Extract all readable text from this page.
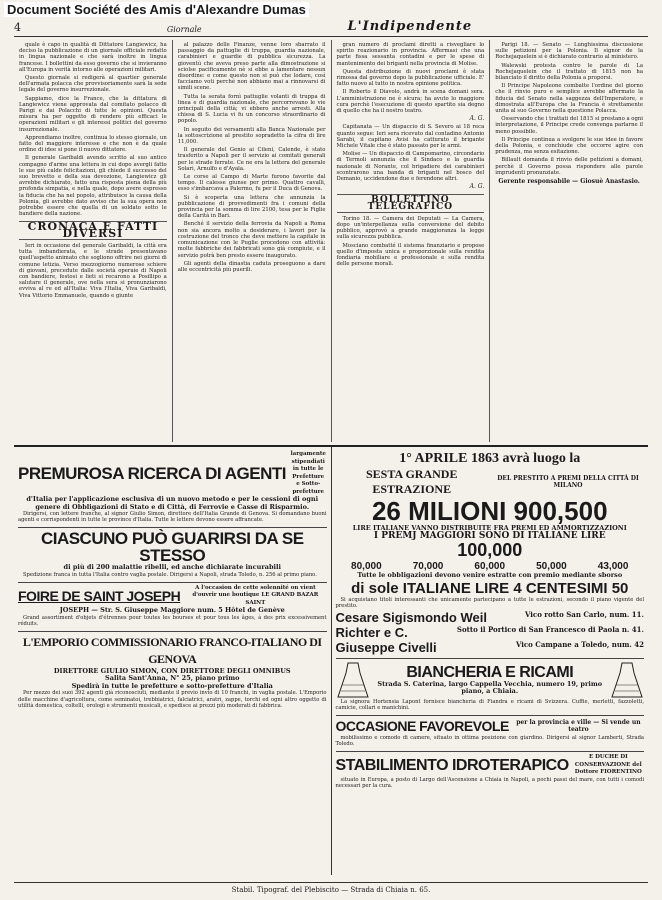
Document Société des Amis d'Alexandre Dumas
4	Giornale	L'Indipendente

quale è capo in qualità di Dittatore Langiewicz, ha deciso la pubblicazione di un giornale officiale redatto in lingua nazionale e che sarà inoltre in lingua francese. I bollettini da esso governo che si invieranno all'Europa in verità intorno alle operazioni militari.

Questo giornale si redigerà al quartier generale dell'armata polacca che provvisoriamente sarà la sede legale del governo insurrezionale.

Sappiamo, dice la France, che la dittatura di Langiewicz viene approvata dal comitato polacco di Parigi e dai Polacchi di tutte le opinioni. Questa misura ha per oggetto di rendere più efficaci le operazioni militari e gli interessi politici del governo insurrezionale.

Apprendiamo inoltre, continua lo stesso giornale, un fatto del maggiore interesse e che non è da quale ordine di idee si pone il nuovo dittatore.

Il generale Garibaldi avendo scritto al suo antico compagno d'arme una lettera in cui dopo avergli fatto le sue più calde felicitazioni, gli chiede il successo del suo brevetto e della sua devozione, Langiewicz gli avrebbe dichiarato, fatto una risposta piena della più profonda simpatia, e nella quale, dopo avere espresso la fiducia che ha nel popolo, attribuisce la causa della Polonia, gli avrebbe dato avviso che la sua opera non potrebbe essere che quella di un soldato sotto le bandiere della nazione.

CRONACA E FATTI DIVERSI

Ieri in occasione del generale Garibaldi, la città era tutta imbandierata, e le strade presentavano quell'aspetto animato che sogliono offrire nei giorni di comune letizia. Verso mezzogiorno numerose schiere di giovani, precedute dalle società operaie di Napoli con bandiere, festosi e lieti si recarono a Posillipo a salutare il generale, ove nella sera si pronunziarono evviva al re ed all'Italia: Viva l'Italia, Viva Garibaldi, Viva Vittorio Emmanuele, quando e giunte

al palazzo delle Finanze, venne loro sbarrato il passaggio da pattuglie di truppa, guardia nazionale, carabinieri e guardie di pubblica sicurezza. La gioventù che aveva preso parte alla dimostrazione si sciolse pacificamente nè si ebbe a lamentare nessun disordine: e come questo non si può che lodare, così facciamo voti perchè non abbiano mai a rinnovarsi di simili scene.

Tutta la serata fornì pattuglie volanti di truppa di linea e di guardia nazionale, che percorrevano le vie principali della città; vi ebbero anche arresti. Alla chiesa di S. Lucia vi fu un concorso straordinario di popolo.

In seguito dei versamenti alla Banca Nazionale per la sottoscrizione al prestito sopradetto la cifra di lire 11,000.

Il generale del Genio ai Cileni, Calende, è stato trasferito a Napoli per il servizio ai comitati generali per le strade ferrate. Ce ne era la lettera del generale Solari, Arnulfo e d'Ayala.

Le corse al Campo di Marte furono favorite dal tempo. Il calesse giunse per primo. Quattro cavalli, esso s'imbarcava a Palermo, fu per il Duca di Genova.

Si è scoperta una lettera che annunzia la pubblicazione di provvedimenti fra i comuni della provincia per la somma di lire 2100, tesa per le Figlie della Carità in Bari.

Benché il servizio della ferrovia da Napoli a Roma non sia ancora molto a desiderare, i lavori per la costruzione del tronco che deve mettere la capitale in comunicazione con le Puglie procedono con attività: molte fabbriche dei fabbricati sono già compiute, e il servizio potrà ben presto essere inaugurato.

Gli agenti della dinastia caduta proseguono a dare alle eccentricità più puerili.

gran numero di proclami diretti a risvegliare lo spirito reazionario in provincia. Affermasi che una parte fissa sessanta contadini e per le spese di mantenimento dei briganti nella provincia di Molise.

Questa distribuzione di nuovi proclami è stata rimossa dal governo dopo la pubblicazione ufficiale. E' fatto nuovo al tutto in nostra opinione politica.

Il Roberto il Diavolo, andrà in scena domani sera. L'amministrazione ne è sicura; ha avuto lo maggiore cura perchè l'esecuzione di questo spartito sia degno di quello che ha il nostro teatro.

A. G.

Capitanata — Un dispaccio di S. Severo ai 18 reca quanto segue: Ieri sera ricevuto dal contadino Antonio Sarabi, il capitano Avisi ha catturato il brigante Michele Vitale che è stato passato per le armi.

Molise — Un dispaccio di Campomarino, circondario di Termoli annunzia che il Sindaco e la guardia nazionale di Norante, col brigadiere dei carabinieri scontrarono una banda di briganti nel bosco del Demanio, uccidendone due e ferendone altri.

A. G.
BOLLETTINO TELEGRAFICO

Torino 18. — Camera dei Deputati — La Camera, dopo un'interpellanza sulla conversione del debito pubblico, approvò a grande maggioranza la legge sulla sicurezza pubblica.

Mosciano combatté il sistema finanziario e propose quello d'imposta unica e proporzionale sulla rendita fondiaria mobiliare e professionale e sulla rendita delle persone morali.

Parigi 18. — Senato — Lunghissima discussione sulle petizioni per la Polonia. Il signor de la Rochejaquelein si è dichiarato contrario al ministero.

Walewski protesta contro le parole di La Rochejaquelein che il trattato di 1815 non ha bilanciato il diritto della Polonia a proporsi.

Il Principe Napoleone combatte l'ordine del giorno che il rinvio puro e semplice avrebbe affermato la fiducia del Senato nella saggezza dell'Imperatore, e dimostrata all'Europa che la Francia è strettamente unita al suo Governo nella questione Polacca.

Osservando che i trattati del 1815 si prestano a ogni interpretazione, il Principe crede convenga parlarne il meno possibile.

Il Principe continua a svolgere le sue idee in favore della Polonia, e conchiude che occorre agire con prudenza, ma senza esitazione.

Billault domanda il rinvio delle petizioni a domani, perchè il Governo possa rispondere alle parole imprudenti pronunziate.

Gerente responsabile — Giosuè Anastasio.
PREMUROSA RICERCA DI AGENTI
largamente stipendiati in tutte le Prefetture e Sotto-prefetture
d'Italia per l'applicazione esclusiva di un nuovo metodo e per le cessioni di ogni genere di Obbligazioni di Stato e di Città, di Ferrovie e Casse di Risparmio.

Dirigersi, con lettere franche, al signor Giulio Simon, direttore dell'Italia Grande di Genova. Si domandano buoni agenti e corrispondenti in tutte le province d'Italia. Tutte le lettere devono essere affrancate.

CIASCUNO PUÒ GUARIRSI DA SE STESSO
di più di 200 malattie ribelli, ed anche dichiarate incurabili

Spedizione franca in tutta l'Italia contro vaglia postale. Dirigersi a Napoli, strada Toledo, n. 256 al primo piano.

FOIRE DE SAINT JOSEPH	A l'occasion de cette solennité on vient d'ouvrir une boutique LE GRAND BAZAR SAINT
JOSEPH — Str. S. Giuseppe Maggiore num. 5 Hôtel de Genève

Grand assortiment d'objets d'étrennes pour toutes les bourses et pour tous les âges, à des prix excessivement réduits.

L'EMPORIO COMMISSIONARIO FRANCO-ITALIANO DI GENOVA
DIRETTORE GIULIO SIMON, CON DIRETTORE DEGLI OMNIBUS
Salita Sant'Anna, N° 25, piano primo
Spedirà in tutte le prefetture e sotto-prefetture d'Italia

Per mezzo dei suoi 392 agenti già riconosciuti, mediante il previo invio di 10 franchi, in vaglia postale. L'Emporio delle macchine d'agricoltura, come seminatoi, trebbiatrici, falciatrici, aratri, zappe, torchi ed ogni altro oggetto di utilità domestica, coltelli, orologi e strumenti musicali, e spedisce ai prezzi più moderati di fabbrica.

1° APRILE 1863 avrà luogo la
SESTA GRANDE ESTRAZIONE
DEL PRESTITO A PREMI DELLA CITTÀ DI MILANO
26 MILIONI 900,500
LIRE ITALIANE VANNO DISTRIBUITE FRA PREMI ED AMMORTIZZAZIONI
I PREMJ MAGGIORI SONO DI ITALIANE LIRE
100,000
80,000	70,000	60,000	50,000	43,000
Tutte le obbligazioni devono venire estratte con premio mediante sborso
di sole ITALIANE LIRE 4 CENTESIMI 50

Si acquistano titoli interessanti che unicamente partecipano a tutte le estrazioni, secondo il piano vigente del prestito.

Cesare Sigismondo Weil	Vico rotto San Carlo, num. 11.
Richter e C.	Sotto il Portico di San Francesco di Paola n. 41.
Giuseppe Civelli	Vico Campane a Toledo, num. 42
BIANCHERIA E RICAMI
Strada S. Caterina, largo Cappella Vecchia, numero 19, primo piano, a Chiaia.

La signora Hortensia Lapont fornisce biancheria di Fiandra e ricami di Svizzera. Cuffie, merletti, fazzoletti, camicie, collari e manichini.

OCCASIONE FAVOREVOLE	per la provincia e ville — Si vende un teatro

mobilissimo e comodo di camere, situato in ottima posizione con giardino. Dirigersi al signor Lamberti, Strada Toledo.

STABILIMENTO IDROTERAPICO	E DUCHE DI CONSERVAZIONE del Dottore FIORENTINO

situato in Europa, a posto di Largo dell'Ascensione a Chiaia in Napoli, a pochi passi del mare, con tutti i comodi necessari per la cura.

Stabil. Tipograf. del Plebiscito — Strada di Chiaia n. 65.
